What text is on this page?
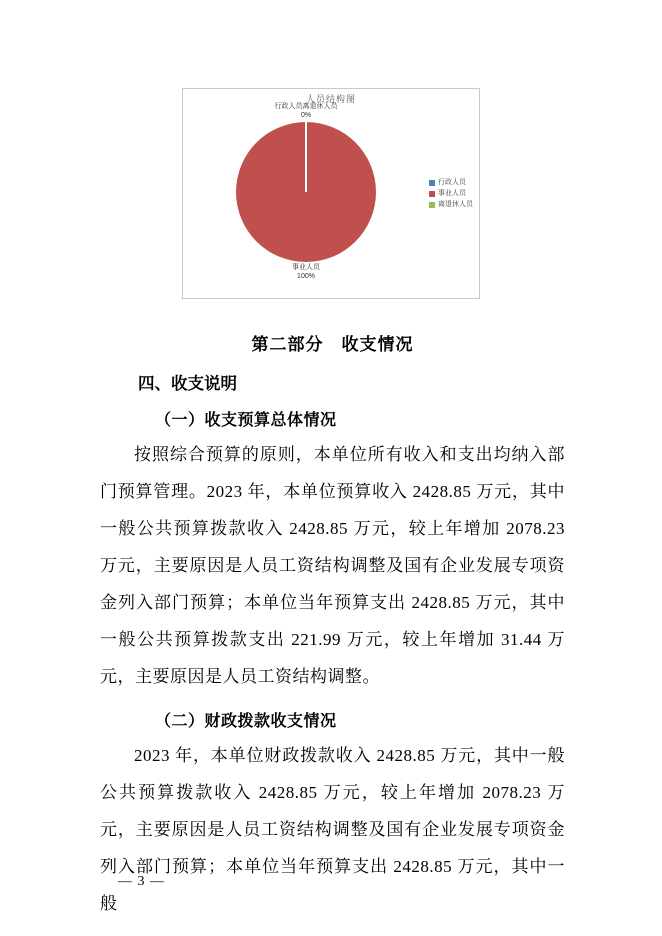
人员结构图
行政人员离退休人员
0%
事业人员
100%
行政人员
事业人员
离退休人员
第二部分　收支情况
四、收支说明
（一）收支预算总体情况

按照综合预算的原则，本单位所有收入和支出均纳入部门预算管理。2023 年，本单位预算收入 2428.85 万元，其中一般公共预算拨款收入 2428.85 万元，较上年增加 2078.23 万元，主要原因是人员工资结构调整及国有企业发展专项资金列入部门预算；本单位当年预算支出 2428.85 万元，其中一般公共预算拨款支出 221.99 万元，较上年增加 31.44 万元，主要原因是人员工资结构调整。

（二）财政拨款收支情况

2023 年，本单位财政拨款收入 2428.85 万元，其中一般公共预算拨款收入 2428.85 万元，较上年增加 2078.23 万元，主要原因是人员工资结构调整及国有企业发展专项资金列入部门预算；本单位当年预算支出 2428.85 万元，其中一般

— 3 —
